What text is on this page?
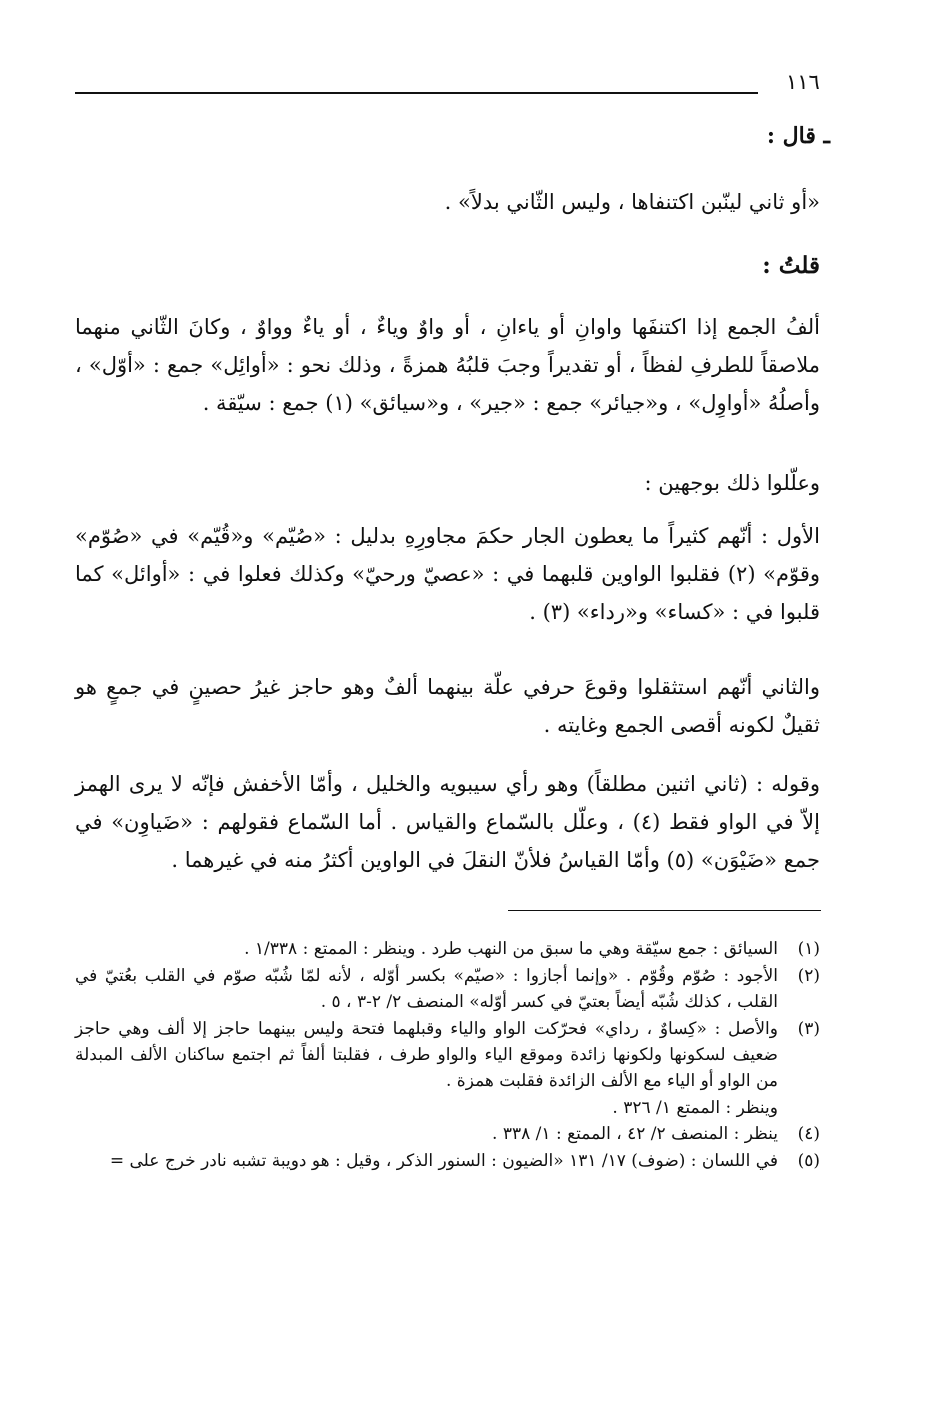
١١٦
ـ قال :
«أو ثاني لينّبن اكتنفاها ، وليس الثّاني بدلاً» .
قلتُ :
ألفُ الجمع إذا اكتنفَها واوانِ أو ياءانِ ، أو واوٌ وياءٌ ، أو ياءٌ وواوٌ ، وكانَ الثّاني منهما ملاصقاً للطرفِ لفظاً ، أو تقديراً وجبَ قلبُهُ همزةً ، وذلك نحو : «أوائِل» جمع : «أوّل» ، وأصلُهُ «أواوِل» ، و«جيائر» جمع : «جير» ، و«سيائق» (١) جمع : سيّقة .
وعلّلوا ذلك بوجهين :
الأول : أنّهم كثيراً ما يعطون الجار حكمَ مجاورِهِ بدليل : «صُيّم» و«قُيّم» في «صُوّم» وقوّم» (٢) فقلبوا الواوين قلبهما في : «عصيّ ورحيّ» وكذلك فعلوا في : «أوائل» كما قلبوا في : «كساء» و«رداء» (٣) .
والثاني أنّهم استثقلوا وقوعَ حرفي علّة بينهما ألفٌ وهو حاجز غيرُ حصينٍ في جمعٍ هو ثقيلٌ لكونه أقصى الجمع وغايته .
وقوله : (ثاني اثنين مطلقاً) وهو رأي سيبويه والخليل ، وأمّا الأخفش فإنّه لا يرى الهمز إلاّ في الواو فقط (٤) ، وعلّل بالسّماع والقياس . أما السّماع فقولهم : «ضَياوِن» في جمع «ضَيْوَن» (٥) وأمّا القياسُ فلأنّ النقلَ في الواوين أكثرُ منه في غيرهما .
(١)
السيائق : جمع سيّقة وهي ما سبق من النهب طرد . وينظر : الممتع : ١/٣٣٨ .
(٢)
الأجود : صُوّم وقُوّم . «وإنما أجازوا : «صيّم» بكسر أوّله ، لأنه لمّا شُبّه صوّم في القلب بعُتيّ في القلب ، كذلك شُبّه أيضاً بعتيّ في كسر أوّله» المنصف ٢/ ٢-٣ ، ٥ .
(٣)
والأصل : «كِساوٌ ، رداي» فحرّكت الواو والياء وقبلهما فتحة وليس بينهما حاجز إلا ألف وهي حاجز ضعيف لسكونها ولكونها زائدة وموقع الياء والواو طرف ، فقلبتا ألفاً ثم اجتمع ساكنان الألف المبدلة من الواو أو الياء مع الألف الزائدة فقلبت همزة .
وينظر : الممتع ١/ ٣٢٦ .
(٤)
ينظر : المنصف ٢/ ٤٢ ، الممتع : ١/ ٣٣٨ .
(٥)
في اللسان : (ضوف) ١٧/ ١٣١ «الضيون : السنور الذكر ، وقيل : هو دويبة تشبه نادر خرج على =
